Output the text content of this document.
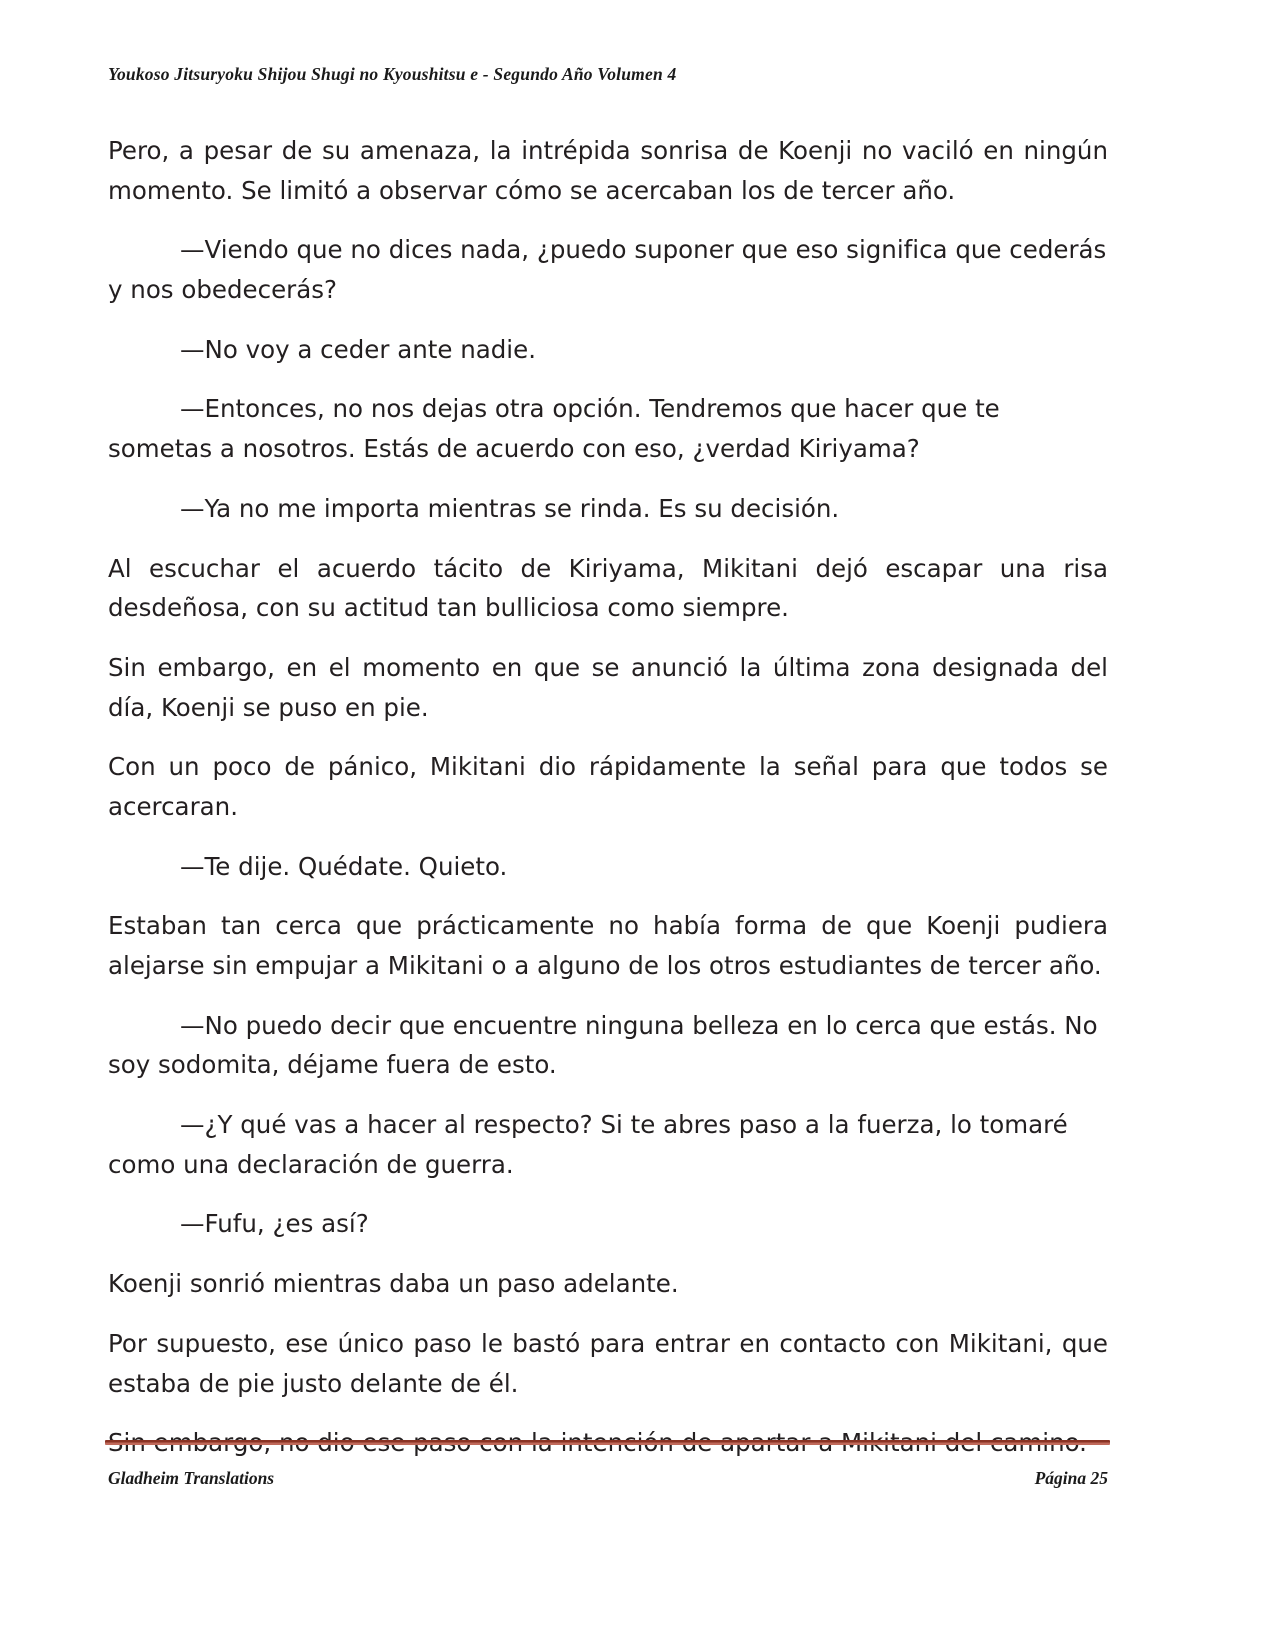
Youkoso Jitsuryoku Shijou Shugi no Kyoushitsu e - Segundo Año Volumen 4

Pero, a pesar de su amenaza, la intrépida sonrisa de Koenji no vaciló en ningún momento. Se limitó a observar cómo se acercaban los de tercer año.

—Viendo que no dices nada, ¿puedo suponer que eso significa que cederás y nos obedecerás?

—No voy a ceder ante nadie.

—Entonces, no nos dejas otra opción. Tendremos que hacer que te sometas a nosotros. Estás de acuerdo con eso, ¿verdad Kiriyama?

—Ya no me importa mientras se rinda. Es su decisión.

Al escuchar el acuerdo tácito de Kiriyama, Mikitani dejó escapar una risa desdeñosa, con su actitud tan bulliciosa como siempre.

Sin embargo, en el momento en que se anunció la última zona designada del día, Koenji se puso en pie.

Con un poco de pánico, Mikitani dio rápidamente la señal para que todos se acercaran.

—Te dije. Quédate. Quieto.

Estaban tan cerca que prácticamente no había forma de que Koenji pudiera alejarse sin empujar a Mikitani o a alguno de los otros estudiantes de tercer año.

—No puedo decir que encuentre ninguna belleza en lo cerca que estás. No soy sodomita, déjame fuera de esto.

—¿Y qué vas a hacer al respecto? Si te abres paso a la fuerza, lo tomaré como una declaración de guerra.

—Fufu, ¿es así?

Koenji sonrió mientras daba un paso adelante.

Por supuesto, ese único paso le bastó para entrar en contacto con Mikitani, que estaba de pie justo delante de él.

Gladheim Translations	Página 25
